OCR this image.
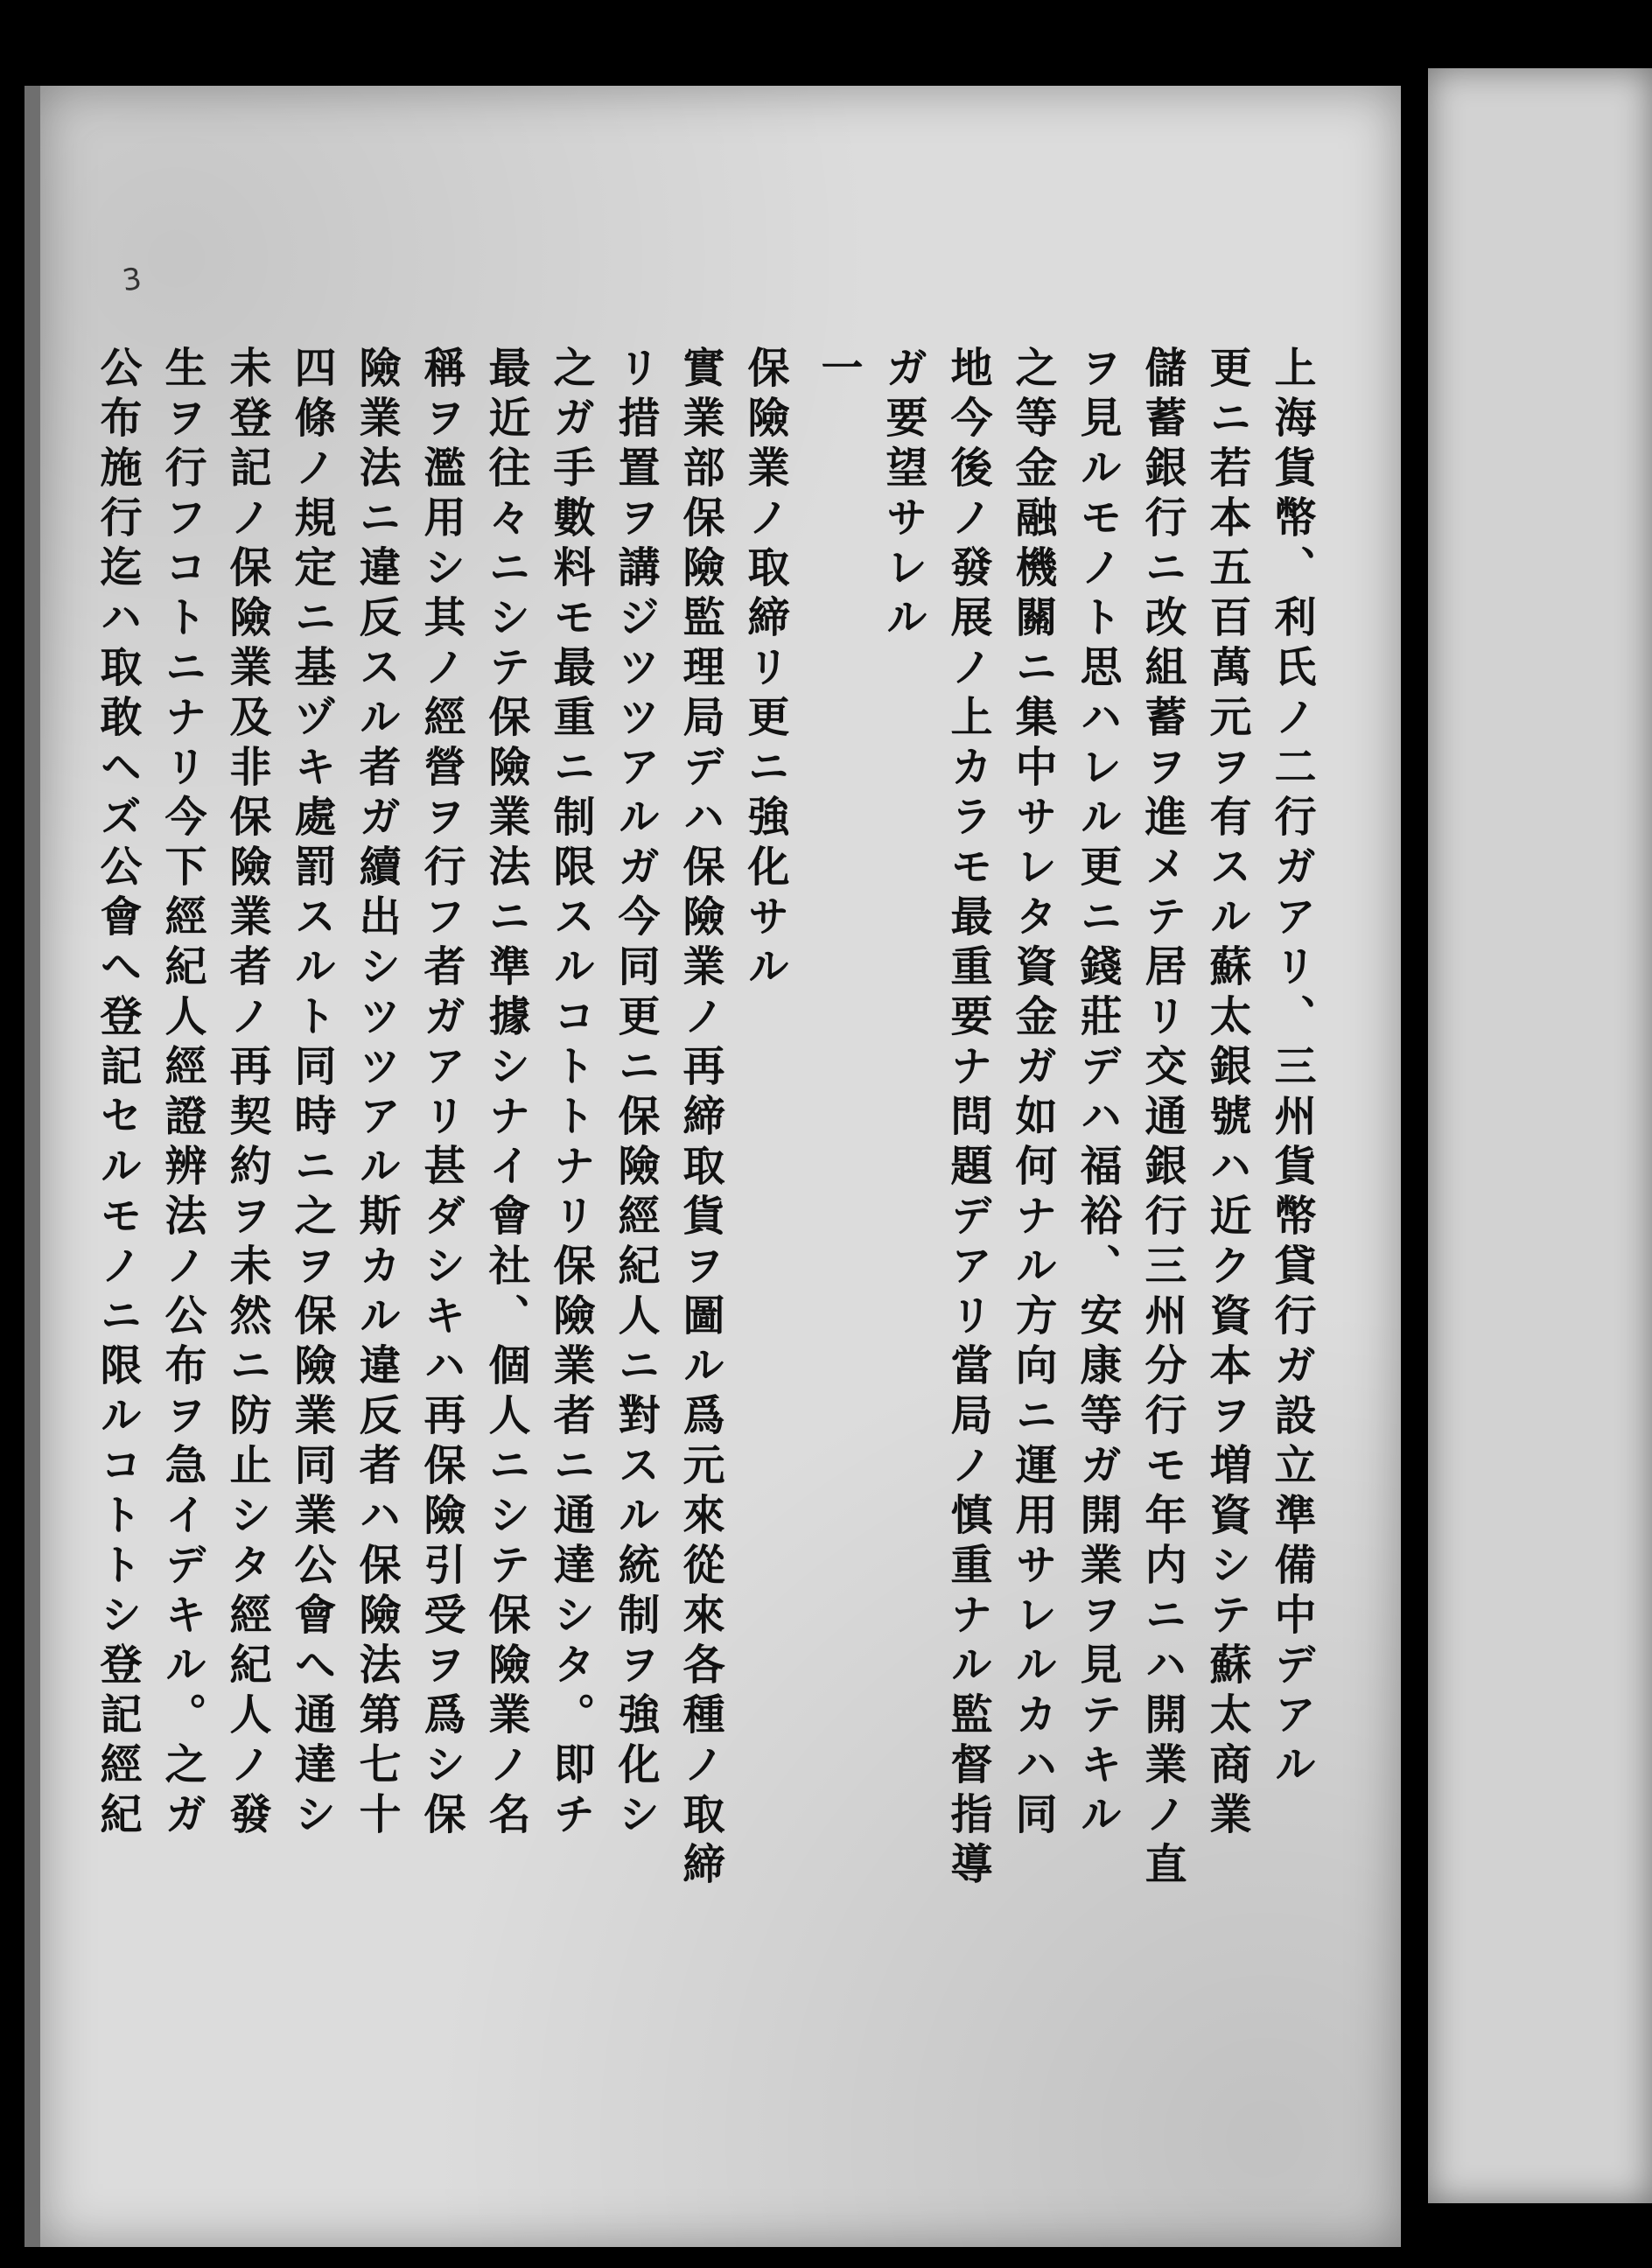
3
上海貨幣、利氏ノ二行ガアリ、三州貨幣貸行ガ設立準備中デアル
更ニ若本五百萬元ヲ有スル蘇太銀號ハ近ク資本ヲ増資シテ蘇太商業
儲蓄銀行ニ改組蓄ヲ進メテ居リ交通銀行三州分行モ年内ニハ開業ノ直
ヲ見ルモノト思ハレル更ニ錢莊デハ福裕、安康等ガ開業ヲ見テキル
之等金融機關ニ集中サレタ資金ガ如何ナル方向ニ運用サレルカハ同
地今後ノ發展ノ上カラモ最重要ナ問題デアリ當局ノ慎重ナル監督指導
ガ要望サレル
一
保險業ノ取締リ更ニ強化サル
實業部保險監理局デハ保險業ノ再締取貨ヲ圖ル爲元來從來各種ノ取締
リ措置ヲ講ジツツアルガ今同更ニ保險經紀人ニ對スル統制ヲ強化シ
之ガ手數料モ最重ニ制限スルコトトナリ保險業者ニ通達シタ。即チ
最近往々ニシテ保險業法ニ準據シナイ會社、個人ニシテ保險業ノ名
稱ヲ濫用シ其ノ經營ヲ行フ者ガアリ甚ダシキハ再保險引受ヲ爲シ保
險業法ニ違反スル者ガ續出シツツアル斯カル違反者ハ保險法第七十
四條ノ規定ニ基ヅキ處罰スルト同時ニ之ヲ保險業同業公會へ通達シ
未登記ノ保險業及非保險業者ノ再契約ヲ未然ニ防止シタ經紀人ノ發
生ヲ行フコトニナリ今下經紀人經證辨法ノ公布ヲ急イデキル。之ガ
公布施行迄ハ取敢ヘズ公會へ登記セルモノニ限ルコトトシ登記經紀
